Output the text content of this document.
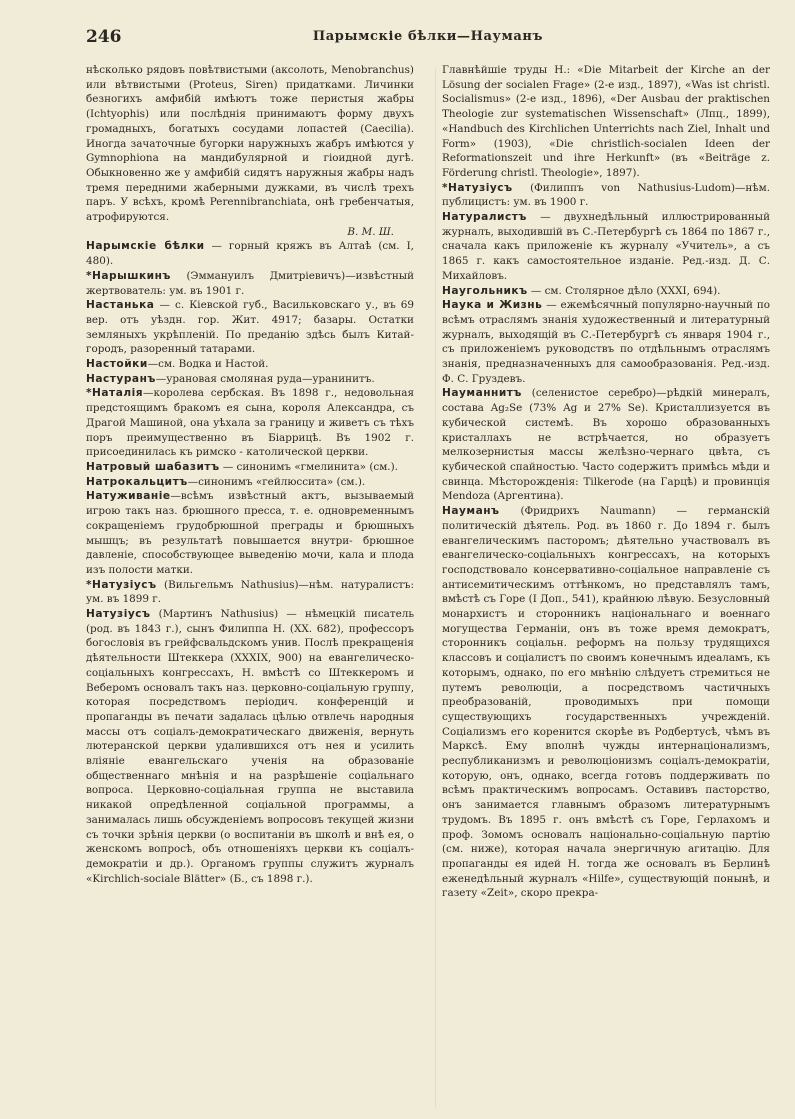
246	Парымскіе бѣлки—Науманъ

нѣсколько рядовъ повѣтвистыми (аксолоть, Menobranchus) или вѣтвистыми (Proteus, Siren) придатками. Личинки безногихъ амфибій имѣютъ тоже перистыя жабры (Ichtyophis) или послѣднія принимаютъ форму двухъ громадныхъ, богатыхъ сосудами лопастей (Caecilia). Иногда зачаточные бугорки наружныхъ жабръ имѣются у Gymnophiona на мандибулярной и гіоидной дугѣ. Обыкновенно же у амфибій сидятъ наружныя жабры надъ тремя передними жаберными дужками, въ числѣ трехъ паръ. У всѣхъ, кромѣ Perennibranchiata, онѣ гребенчатыя, атрофируются.

В. М. Ш.

Нарымскіе бѣлки — горный кряжъ въ Алтаѣ (см. I, 480).

*Нарышкинъ (Эммануилъ Дмитріевичъ)—извѣстный жертвователь: ум. въ 1901 г.

Настанька — с. Кіевской губ., Васильковскаго у., въ 69 вер. отъ уѣздн. гор. Жит. 4917; базары. Остатки земляныхъ укрѣпленій. По преданію здѣсь былъ Китай-городъ, разоренный татарами.

Настойки—см. Водка и Настой.

Настуранъ—урановая смоляная руда—уранинитъ.

*Наталія—королева сербская. Въ 1898 г., недовольная предстоящимъ бракомъ ея сына, короля Александра, съ Драгой Машиной, она уѣхала за границу и живетъ съ тѣхъ поръ преимущественно въ Біаррицѣ. Въ 1902 г. присоединилась къ римско - католической церкви.

Натровый шабазитъ — синонимъ «гмелинита» (см.).

Натрокальцитъ—синонимъ «гейлюссита» (см.).

Натуживаніе—всѣмъ извѣстный актъ, вызываемый игрою такъ наз. брюшного пресса, т. е. одновременнымъ сокращеніемъ грудобрюшной преграды и брюшныхъ мышцъ; въ результатѣ повышается внутри- брюшное давленіе, способствующее выведенію мочи, кала и плода изъ полости матки.

*Натузіусъ (Вильгельмъ Nathusius)—нѣм. натуралистъ: ум. въ 1899 г.

Натузіусъ (Мартинъ Nathusius) — нѣмецкій писатель (род. въ 1843 г.), сынъ Филиппа Н. (XX. 682), профессоръ богословія въ грейфсвальдскомъ унив. Послѣ прекращенія дѣятельности Штеккера (XXXIX, 900) на евангелическо-соціальныхъ конгрессахъ, Н. вмѣстѣ со Штеккеромъ и Веберомъ основалъ такъ наз. церковно-соціальную группу, которая посредствомъ періодич. конференцій и пропаганды въ печати задалась цѣлью отвлечь народныя массы отъ соціалъ-демократическаго движенія, вернуть лютеранской церкви удалившихся отъ нея и усилить вліяніе евангельскаго ученія на образованіе общественнаго мнѣнія и на разрѣшеніе соціальнаго вопроса. Церковно-соціальная группа не выставила никакой опредѣленной соціальной программы, а занималась лишь обсужденіемъ вопросовъ текущей жизни съ точки зрѣнія церкви (о воспитаніи въ школѣ и внѣ ея, о женскомъ вопросѣ, объ отношеніяхъ церкви къ соціалъ-демократіи и др.). Органомъ группы служитъ журналъ «Kirchlich-sociale Blätter» (Б., съ 1898 г.).

Главнѣйшіе труды Н.: «Die Mitarbeit der Kirche an der Lösung der socialen Frage» (2-е изд., 1897), «Was ist christl. Socialismus» (2-е изд., 1896), «Der Ausbau der praktischen Theologie zur systematischen Wissenschaft» (Лпц., 1899), «Handbuch des Kirchlichen Unterrichts nach Ziel, Inhalt und Form» (1903), «Die christlich-socialen Ideen der Reformationszeit und ihre Herkunft» (въ «Beiträge z. Förderung christl. Theologie», 1897).

*Натузіусъ (Филиппъ von Nathusius-Ludom)—нѣм. публицистъ: ум. въ 1900 г.

Натуралистъ — двухнедѣльный иллюстрированный журналъ, выходившій въ С.-Петербургѣ съ 1864 по 1867 г., сначала какъ приложеніе къ журналу «Учитель», а съ 1865 г. какъ самостоятельное изданіе. Ред.-изд. Д. С. Михайловъ.

Наугольникъ — см. Столярное дѣло (XXXI, 694).

Наука и Жизнь — ежемѣсячный популярно-научный по всѣмъ отраслямъ знанія художественный и литературный журналъ, выходящій въ С.-Петербургѣ съ января 1904 г., съ приложеніемъ руководствъ по отдѣльнымъ отраслямъ знанія, предназначенныхъ для самообразованія. Ред.-изд. Ф. С. Груздевъ.

Науманнитъ (селенистое серебро)—рѣдкій минералъ, состава Ag₂Se (73% Ag и 27% Se). Кристаллизуется въ кубической системѣ. Въ хорошо образованныхъ кристаллахъ не встрѣчается, но образуетъ мелкозернистыя массы желѣзно-чернаго цвѣта, съ кубической спайностью. Часто содержитъ примѣсь мѣди и свинца. Мѣсторожденія: Tilkerode (на Гарцѣ) и провинція Mendoza (Аргентина).

Науманъ (Фридрихъ Naumann) — германскій политическій дѣятель. Род. въ 1860 г. До 1894 г. былъ евангелическимъ пасторомъ; дѣятельно участвовалъ въ евангелическо-соціальныхъ конгрессахъ, на которыхъ господствовало консервативно-соціальное направленіе съ антисемитическимъ оттѣнкомъ, но представлялъ тамъ, вмѣстѣ съ Горе (I Доп., 541), крайнюю лѣвую. Безусловный монархистъ и сторонникъ національнаго и военнаго могущества Германіи, онъ въ тоже время демократъ, сторонникъ соціальн. реформъ на пользу трудящихся классовъ и соціалистъ по своимъ конечнымъ идеаламъ, къ которымъ, однако, по его мнѣнію слѣдуетъ стремиться не путемъ революціи, а посредствомъ частичныхъ преобразованій, проводимыхъ при помощи существующихъ государственныхъ учрежденій. Соціализмъ его коренится скорѣе въ Родбертусѣ, чѣмъ въ Марксѣ. Ему вполнѣ чужды интернаціонализмъ, республиканизмъ и революціонизмъ соціалъ-демократіи, которую, онъ, однако, всегда готовъ поддерживать по всѣмъ практическимъ вопросамъ. Оставивъ пасторство, онъ занимается главнымъ образомъ литературнымъ трудомъ. Въ 1895 г. онъ вмѣстѣ съ Горе, Герлахомъ и проф. Зомомъ основалъ національно-соціальную партію (см. ниже), которая начала энергичную агитацію. Для пропаганды ея идей Н. тогда же основалъ въ Берлинѣ еженедѣльный журналъ «Hilfe», существующій понынѣ, и газету «Zeit», скоро прекра-
